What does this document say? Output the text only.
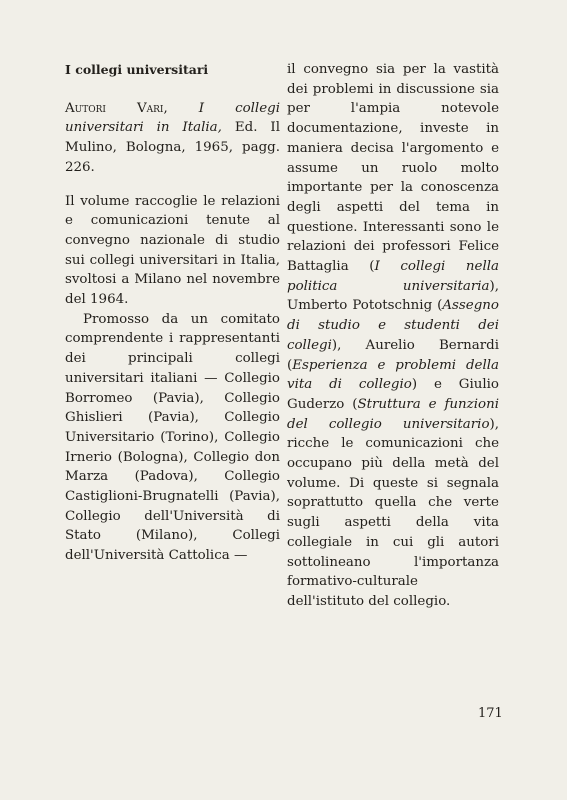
I collegi universitari

Autori Vari, I collegi universitari in Italia, Ed. Il Mulino, Bologna, 1965, pagg. 226.

Il volume raccoglie le relazioni e comunicazioni tenute al convegno nazionale di studio sui collegi universitari in Italia, svoltosi a Milano nel novembre del 1964.

Promosso da un comitato comprendente i rappresentanti dei principali collegi universitari italiani — Collegio Borromeo (Pavia), Collegio Ghislieri (Pavia), Collegio Universitario (Torino), Collegio Irnerio (Bologna), Collegio don Marza (Padova), Collegio Castiglioni-Brugnatelli (Pavia), Collegio dell'Università di Stato (Milano), Collegi dell'Università Cattolica —

il convegno sia per la vastità dei problemi in discussione sia per l'ampia notevole documentazione, investe in maniera decisa l'argomento e assume un ruolo molto importante per la conoscenza degli aspetti del tema in questione. Interessanti sono le relazioni dei professori Felice Battaglia (I collegi nella politica universitaria), Umberto Pototschnig (Assegno di studio e studenti dei collegi), Aurelio Bernardi (Esperienza e problemi della vita di collegio) e Giulio Guderzo (Struttura e funzioni del collegio universitario), ricche le comunicazioni che occupano più della metà del volume. Di queste si segnala soprattutto quella che verte sugli aspetti della vita collegiale in cui gli autori sottolineano l'importanza formativo-culturale dell'istituto del collegio.

171
